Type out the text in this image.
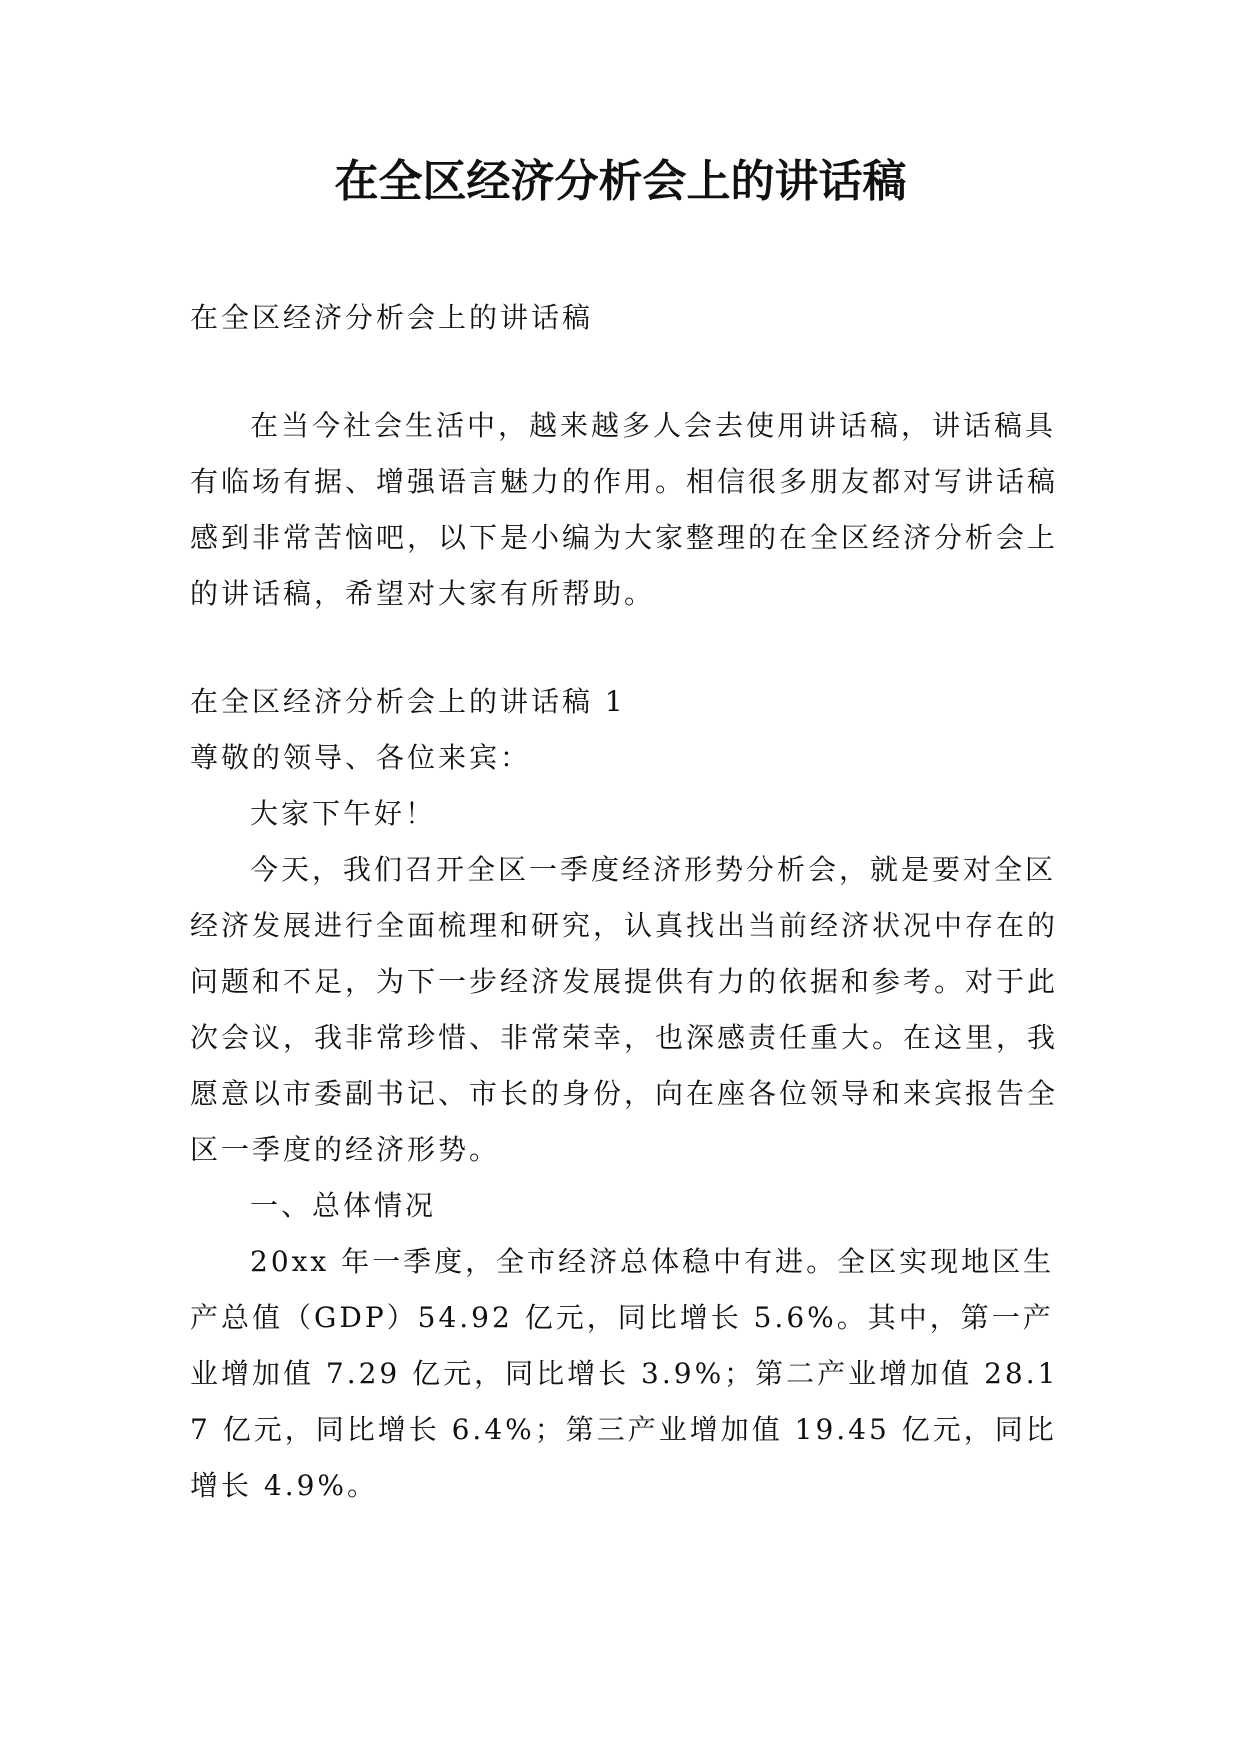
在全区经济分析会上的讲话稿

在全区经济分析会上的讲话稿

在当今社会生活中，越来越多人会去使用讲话稿，讲话稿具有临场有据、增强语言魅力的作用。相信很多朋友都对写讲话稿感到非常苦恼吧，以下是小编为大家整理的在全区经济分析会上的讲话稿，希望对大家有所帮助。

在全区经济分析会上的讲话稿 1

尊敬的领导、各位来宾：

大家下午好！

今天，我们召开全区一季度经济形势分析会，就是要对全区经济发展进行全面梳理和研究，认真找出当前经济状况中存在的问题和不足，为下一步经济发展提供有力的依据和参考。对于此次会议，我非常珍惜、非常荣幸，也深感责任重大。在这里，我愿意以市委副书记、市长的身份，向在座各位领导和来宾报告全区一季度的经济形势。

一、总体情况

20xx 年一季度，全市经济总体稳中有进。全区实现地区生产总值（GDP）54.92 亿元，同比增长 5.6%。其中，第一产业增加值 7.29 亿元，同比增长 3.9%；第二产业增加值 28.17 亿元，同比增长 6.4%；第三产业增加值 19.45 亿元，同比增长 4.9%。
